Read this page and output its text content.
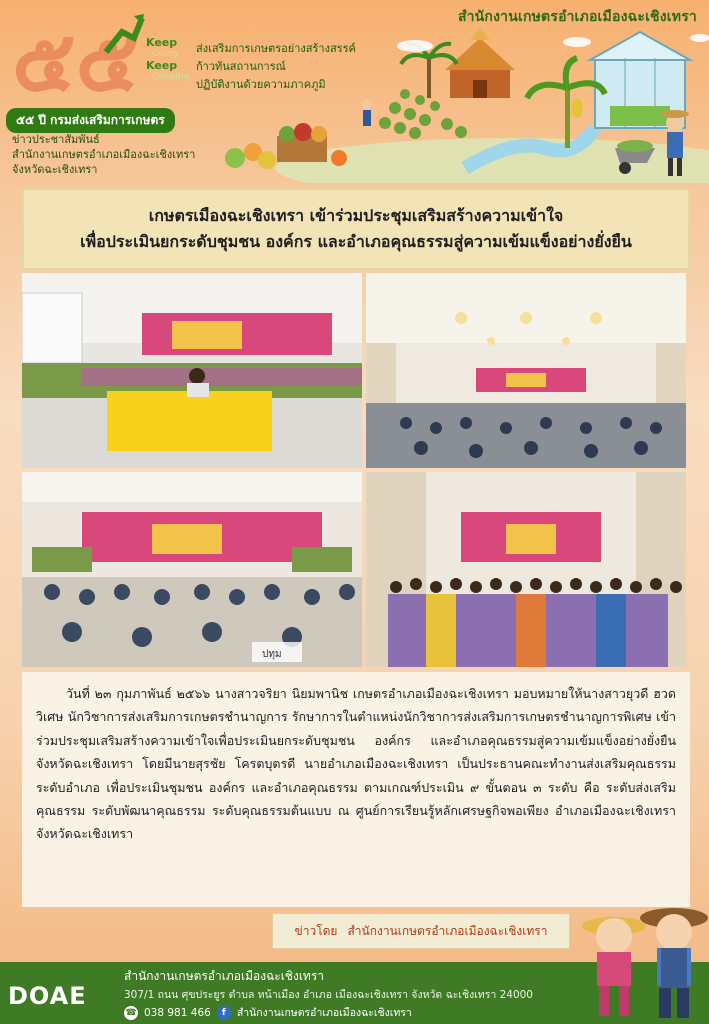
สำนักงานเกษตรอำเภอเมืองฉะเชิงเทรา
๕๕ Keep
Going
Keep
Growing
ส่งเสริมการเกษตรอย่างสร้างสรรค์
ก้าวทันสถานการณ์
ปฏิบัติงานด้วยความภาคภูมิ
๕๕ ปี กรมส่งเสริมการเกษตร
ข่าวประชาสัมพันธ์
สำนักงานเกษตรอำเภอเมืองฉะเชิงเทรา
จังหวัดฉะเชิงเทรา
เกษตรเมืองฉะเชิงเทรา เข้าร่วมประชุมเสริมสร้างความเข้าใจ
เพื่อประเมินยกระดับชุมชน องค์กร และอำเภอคุณธรรมสู่ความเข้มแข็งอย่างยั่งยืน
ปทุม

วันที่ ๒๓ กุมภาพันธ์ ๒๕๖๖ นางสาวจริยา นิยมพานิช เกษตรอำเภอเมืองฉะเชิงเทรา มอบหมายให้นางสาวยุวดี ฮวดวิเศษ นักวิชาการส่งเสริมการเกษตรชำนาญการ รักษาการในตำแหน่งนักวิชาการส่งเสริมการเกษตรชำนาญการพิเศษ เข้าร่วมประชุมเสริมสร้างความเข้าใจเพื่อประเมินยกระดับชุมชน องค์กร และอำเภอคุณธรรมสู่ความเข้มแข็งอย่างยั่งยืน จังหวัดฉะเชิงเทรา โดยมีนายสุรชัย โครตบุตรดี นายอำเภอเมืองฉะเชิงเทรา เป็นประธานคณะทำงานส่งเสริมคุณธรรมระดับอำเภอ เพื่อประเมินชุมชน องค์กร และอำเภอคุณธรรม ตามเกณฑ์ประเมิน ๙ ขั้นตอน ๓ ระดับ คือ ระดับส่งเสริมคุณธรรม ระดับพัฒนาคุณธรรม ระดับคุณธรรมต้นแบบ ณ ศูนย์การเรียนรู้หลักเศรษฐกิจพอเพียง อำเภอเมืองฉะเชิงเทรา จังหวัดฉะเชิงเทรา

ข่าวโดย สำนักงานเกษตรอำเภอเมืองฉะเชิงเทรา
DOAE
สำนักงานเกษตรอำเภอเมืองฉะเชิงเทรา
307/1 ถนน ศุขประยูร ตำบล หน้าเมือง อำเภอ เมืองฉะเชิงเทรา จังหวัด ฉะเชิงเทรา 24000
☎ 038 981 466	f	สำนักงานเกษตรอำเภอเมืองฉะเชิงเทรา
